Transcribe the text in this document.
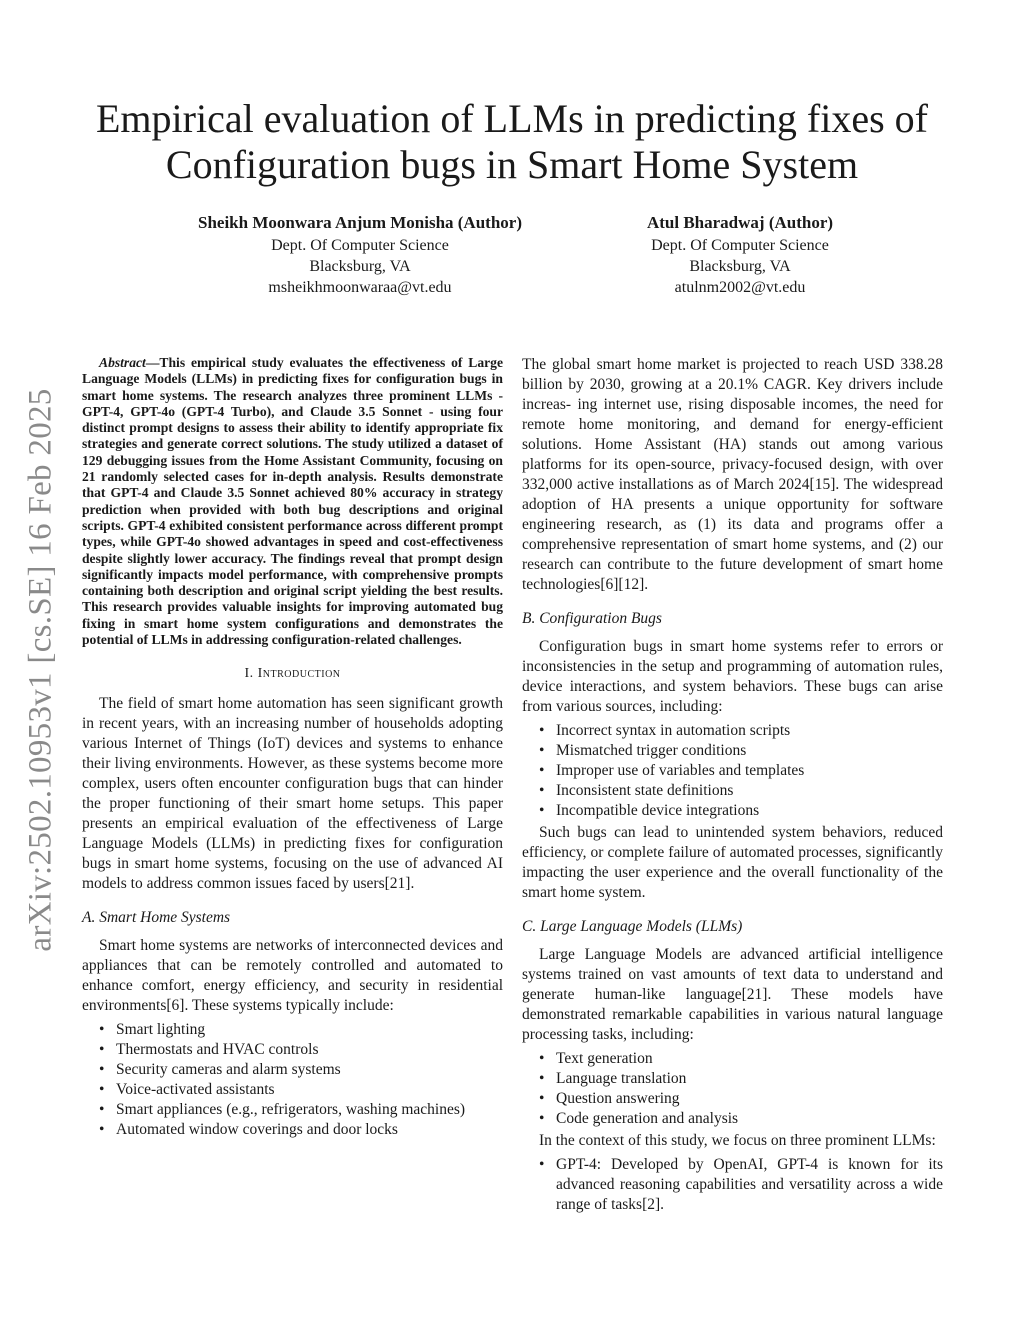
arXiv:2502.10953v1 [cs.SE] 16 Feb 2025
Empirical evaluation of LLMs in predicting fixes of Configuration bugs in Smart Home System
Sheikh Moonwara Anjum Monisha (Author)
Dept. Of Computer Science
Blacksburg, VA
msheikhmoonwaraa@vt.edu
Atul Bharadwaj (Author)
Dept. Of Computer Science
Blacksburg, VA
atulnm2002@vt.edu

Abstract—This empirical study evaluates the effectiveness of Large Language Models (LLMs) in predicting fixes for configuration bugs in smart home systems. The research analyzes three prominent LLMs - GPT-4, GPT-4o (GPT-4 Turbo), and Claude 3.5 Sonnet - using four distinct prompt designs to assess their ability to identify appropriate fix strategies and generate correct solutions. The study utilized a dataset of 129 debugging issues from the Home Assistant Community, focusing on 21 randomly selected cases for in-depth analysis. Results demonstrate that GPT-4 and Claude 3.5 Sonnet achieved 80% accuracy in strategy prediction when provided with both bug descriptions and original scripts. GPT-4 exhibited consistent performance across different prompt types, while GPT-4o showed advantages in speed and cost-effectiveness despite slightly lower accuracy. The findings reveal that prompt design significantly impacts model performance, with comprehensive prompts containing both description and original script yielding the best results. This research provides valuable insights for improving automated bug fixing in smart home system configurations and demonstrates the potential of LLMs in addressing configuration-related challenges.

I. Introduction

The field of smart home automation has seen significant growth in recent years, with an increasing number of households adopting various Internet of Things (IoT) devices and systems to enhance their living environments. However, as these systems become more complex, users often encounter configuration bugs that can hinder the proper functioning of their smart home setups. This paper presents an empirical evaluation of the effectiveness of Large Language Models (LLMs) in predicting fixes for configuration bugs in smart home systems, focusing on the use of advanced AI models to address common issues faced by users[21].

A. Smart Home Systems

Smart home systems are networks of interconnected devices and appliances that can be remotely controlled and automated to enhance comfort, energy efficiency, and security in residential environments[6]. These systems typically include:

• Smart lighting
• Thermostats and HVAC controls
• Security cameras and alarm systems
• Voice-activated assistants
• Smart appliances (e.g., refrigerators, washing machines)
• Automated window coverings and door locks

The global smart home market is projected to reach USD 338.28 billion by 2030, growing at a 20.1% CAGR. Key drivers include increas- ing internet use, rising disposable incomes, the need for remote home monitoring, and demand for energy-efficient solutions. Home Assistant (HA) stands out among various platforms for its open-source, privacy-focused design, with over 332,000 active installations as of March 2024[15]. The widespread adoption of HA presents a unique opportunity for software engineering research, as (1) its data and programs offer a comprehensive representation of smart home systems, and (2) our research can contribute to the future development of smart home technologies[6][12].

B. Configuration Bugs

Configuration bugs in smart home systems refer to errors or inconsistencies in the setup and programming of automation rules, device interactions, and system behaviors. These bugs can arise from various sources, including:

• Incorrect syntax in automation scripts
• Mismatched trigger conditions
• Improper use of variables and templates
• Inconsistent state definitions
• Incompatible device integrations

Such bugs can lead to unintended system behaviors, reduced efficiency, or complete failure of automated processes, significantly impacting the user experience and the overall functionality of the smart home system.

C. Large Language Models (LLMs)

Large Language Models are advanced artificial intelligence systems trained on vast amounts of text data to understand and generate human-like language[21]. These models have demonstrated remarkable capabilities in various natural language processing tasks, including:

• Text generation
• Language translation
• Question answering
• Code generation and analysis

In the context of this study, we focus on three prominent LLMs:

• GPT-4: Developed by OpenAI, GPT-4 is known for its advanced reasoning capabilities and versatility across a wide range of tasks[2].
